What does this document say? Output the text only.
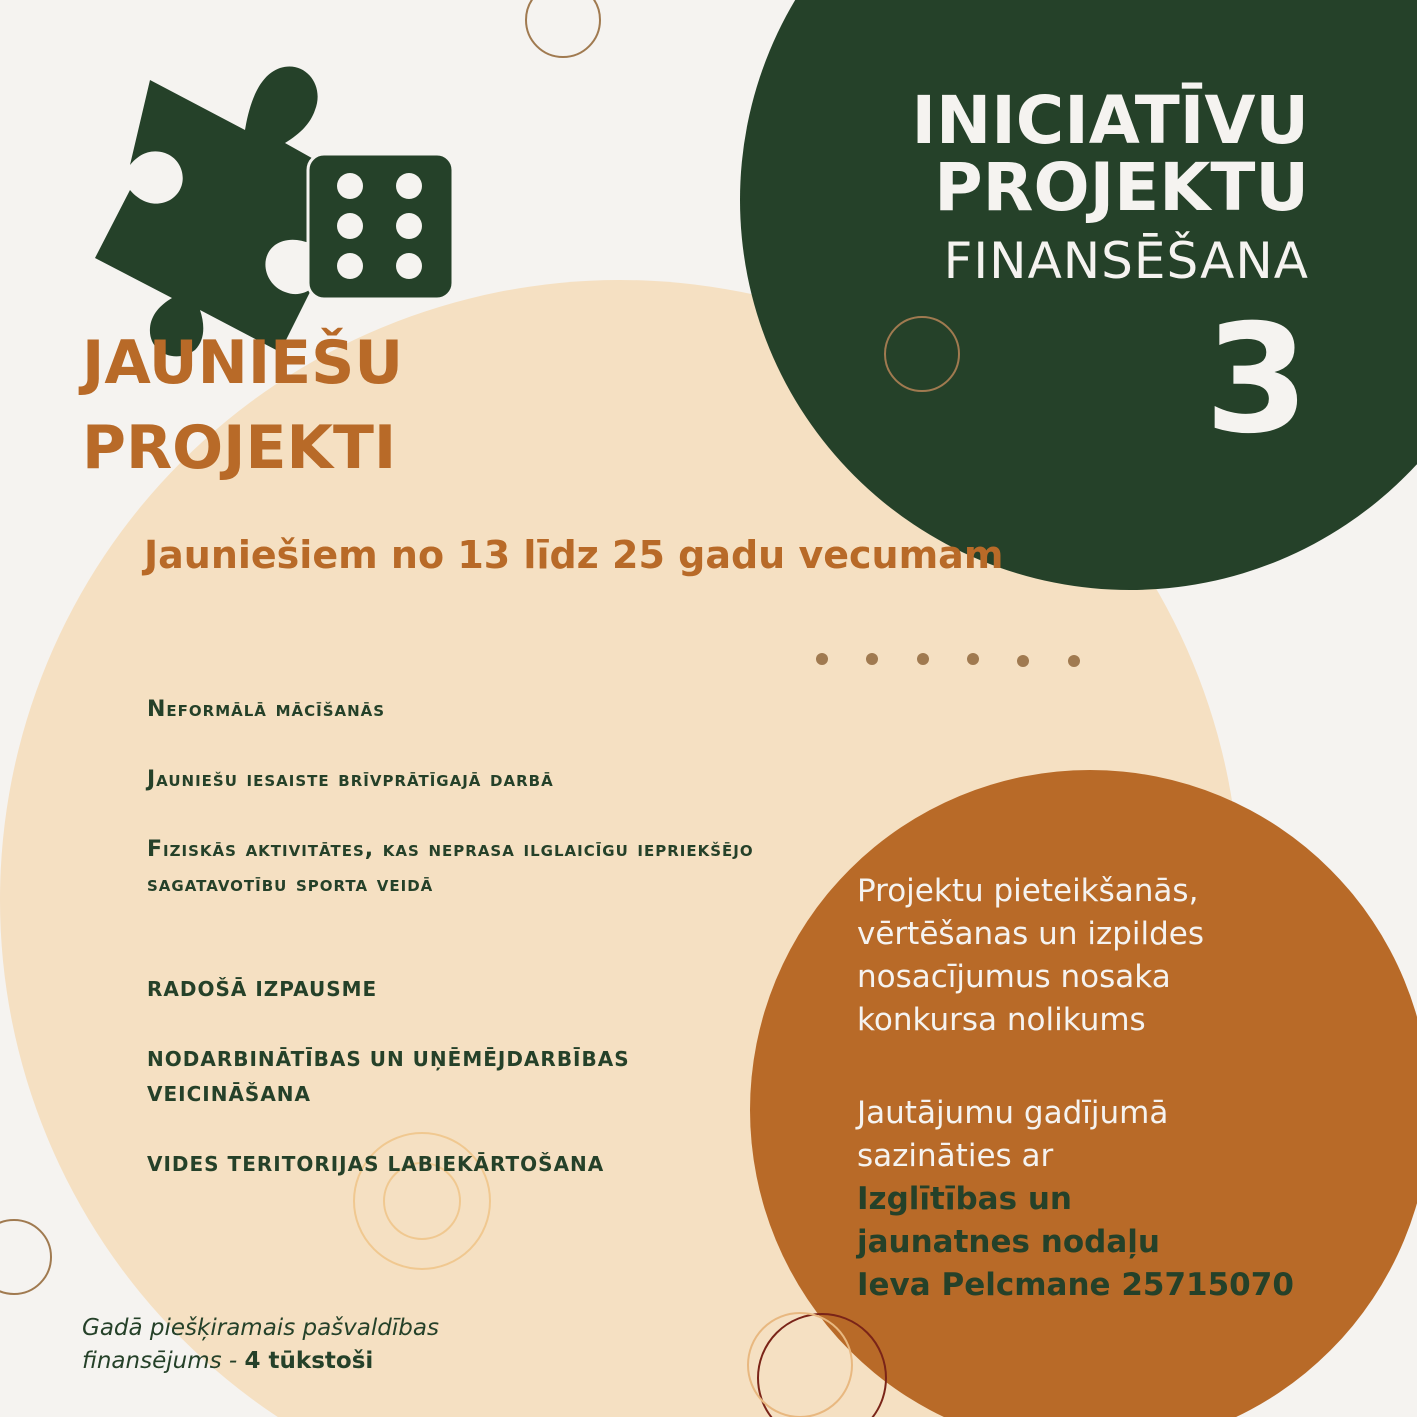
INICIATĪVU
PROJEKTU
FINANSĒŠANA
3
JAUNIEŠU
PROJEKTI
Jauniešiem no 13 līdz 25 gadu vecumam
Neformālā mācīšanās
Jauniešu iesaiste brīvprātīgajā darbā
Fiziskās aktivitātes, kas neprasa ilglaicīgu iepriekšējo sagatavotību sporta veidā
RADOŠĀ IZPAUSME
NODARBINĀTĪBAS UN UŅĒMĒJDARBĪBAS VEICINĀŠANA
VIDES TERITORIJAS LABIEKĀRTOŠANA
Projektu pieteikšanās,
vērtēšanas un izpildes
nosacījumus nosaka
konkursa nolikums
Jautājumu gadījumā
sazināties ar
Izglītības un
jaunatnes nodaļu
Ieva Pelcmane 25715070
Gadā piešķiramais pašvaldības
finansējums - 4 tūkstoši
